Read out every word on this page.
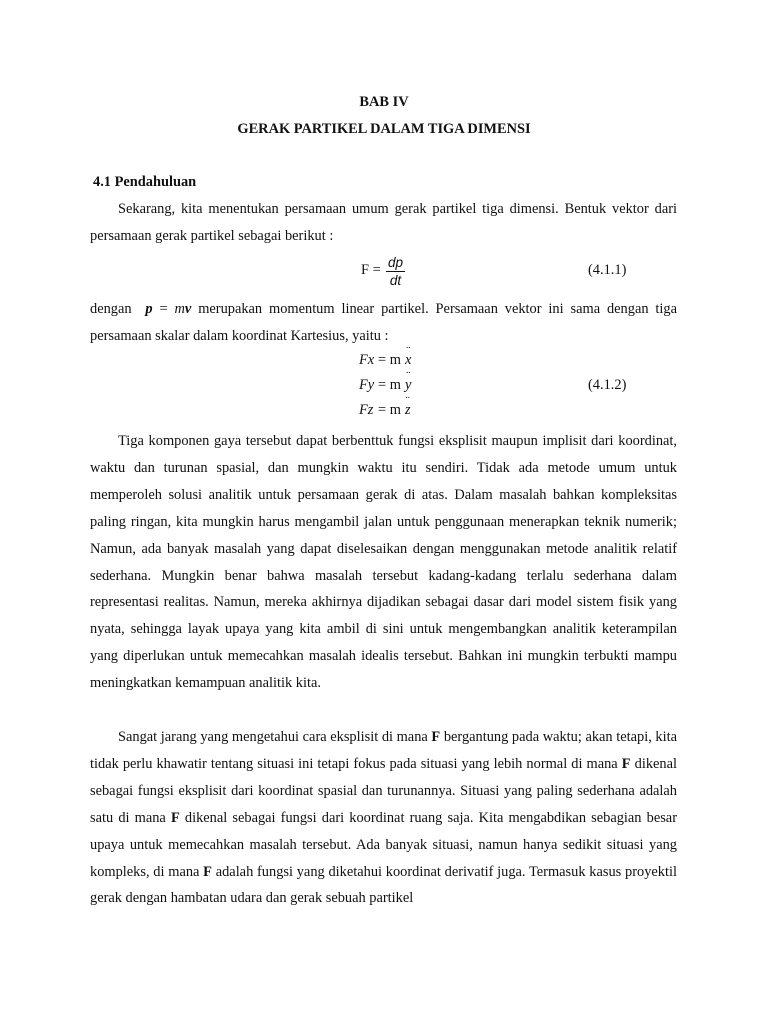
BAB IV
GERAK PARTIKEL DALAM TIGA DIMENSI
4.1 Pendahuluan

Sekarang, kita menentukan persamaan umum gerak partikel tiga dimensi. Bentuk vektor dari persamaan gerak partikel sebagai berikut :

$F = \frac{dp}{dt}$	(4.1.1)

dengan p = mv merupakan momentum linear partikel. Persamaan vektor ini sama dengan tiga persamaan skalar dalam koordinat Kartesius, yaitu :

Fx = m ¨ x
Fy = m ¨ y	(4.1.2)
Fz = m ¨ z

Tiga komponen gaya tersebut dapat berbenttuk fungsi eksplisit maupun implisit dari koordinat, waktu dan turunan spasial, dan mungkin waktu itu sendiri. Tidak ada metode umum untuk memperoleh solusi analitik untuk persamaan gerak di atas. Dalam masalah bahkan kompleksitas paling ringan, kita mungkin harus mengambil jalan untuk penggunaan menerapkan teknik numerik; Namun, ada banyak masalah yang dapat diselesaikan dengan menggunakan metode analitik relatif sederhana. Mungkin benar bahwa masalah tersebut kadang-kadang terlalu sederhana dalam representasi realitas. Namun, mereka akhirnya dijadikan sebagai dasar dari model sistem fisik yang nyata, sehingga layak upaya yang kita ambil di sini untuk mengembangkan analitik keterampilan yang diperlukan untuk memecahkan masalah idealis tersebut. Bahkan ini mungkin terbukti mampu meningkatkan kemampuan analitik kita.

Sangat jarang yang mengetahui cara eksplisit di mana F bergantung pada waktu; akan tetapi, kita tidak perlu khawatir tentang situasi ini tetapi fokus pada situasi yang lebih normal di mana F dikenal sebagai fungsi eksplisit dari koordinat spasial dan turunannya. Situasi yang paling sederhana adalah satu di mana F dikenal sebagai fungsi dari koordinat ruang saja. Kita mengabdikan sebagian besar upaya untuk memecahkan masalah tersebut. Ada banyak situasi, namun hanya sedikit situasi yang kompleks, di mana F adalah fungsi yang diketahui koordinat derivatif juga. Termasuk kasus proyektil gerak dengan hambatan udara dan gerak sebuah partikel
